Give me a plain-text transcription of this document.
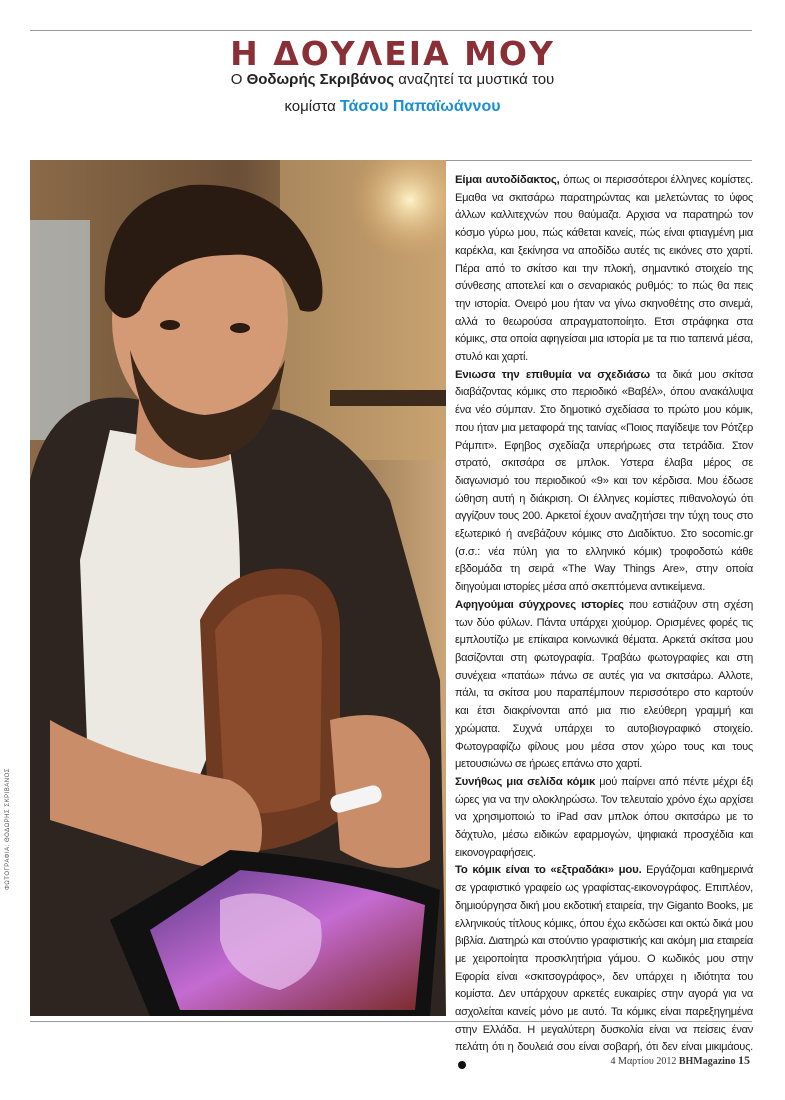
Η ΔΟΥΛΕΙΑ ΜΟΥ
Ο Θοδωρής Σκριβάνος αναζητεί τα μυστικά του
κομίστα Τάσου Παπαϊωάννου
ΦΩΤΟΓΡΑΦΙΑ: ΘΟΔΩΡΗΣ ΣΚΡΙΒΑΝΟΣ

Είμαι αυτοδίδακτος, όπως οι περισσότεροι έλληνες κομίστες. Εμαθα να σκιτσάρω παρατηρώντας και μελετώντας το ύφος άλλων καλλιτεχνών που θαύμαζα. Αρχισα να παρατηρώ τον κόσμο γύρω μου, πώς κάθεται κανείς, πώς είναι φτιαγμένη μια καρέκλα, και ξεκίνησα να αποδίδω αυτές τις εικόνες στο χαρτί. Πέρα από το σκίτσο και την πλοκή, σημαντικό στοιχείο της σύνθεσης αποτελεί και ο σεναριακός ρυθμός: το πώς θα πεις την ιστορία. Ονειρό μου ήταν να γίνω σκηνοθέτης στο σινεμά, αλλά το θεωρούσα απραγματοποίητο. Ετσι στράφηκα στα κόμικς, στα οποία αφηγείσαι μια ιστορία με τα πιο ταπεινά μέσα, στυλό και χαρτί.

Ενιωσα την επιθυμία να σχεδιάσω τα δικά μου σκίτσα διαβάζοντας κόμικς στο περιοδικό «Βαβέλ», όπου ανακάλυψα ένα νέο σύμπαν. Στο δημοτικό σχεδίασα το πρώτο μου κόμικ, που ήταν μια μεταφορά της ταινίας «Ποιος παγίδεψε τον Ρότζερ Ράμπιτ». Εφηβος σχεδίαζα υπερήρωες στα τετράδια. Στον στρατό, σκιτσάρα σε μπλοκ. Υστερα έλαβα μέρος σε διαγωνισμό του περιοδικού «9» και τον κέρδισα. Μου έδωσε ώθηση αυτή η διάκριση. Οι έλληνες κομίστες πιθανολογώ ότι αγγίζουν τους 200. Αρκετοί έχουν αναζητήσει την τύχη τους στο εξωτερικό ή ανεβάζουν κόμικς στο Διαδίκτυο. Στο socomic.gr (σ.σ.: νέα πύλη για το ελληνικό κόμικ) τροφοδοτώ κάθε εβδομάδα τη σειρά «The Way Things Are», στην οποία διηγούμαι ιστορίες μέσα από σκεπτόμενα αντικείμενα.

Αφηγούμαι σύγχρονες ιστορίες που εστιάζουν στη σχέση των δύο φύλων. Πάντα υπάρχει χιούμορ. Ορισμένες φορές τις εμπλουτίζω με επίκαιρα κοινωνικά θέματα. Αρκετά σκίτσα μου βασίζονται στη φωτογραφία. Τραβάω φωτογραφίες και στη συνέχεια «πατάω» πάνω σε αυτές για να σκιτσάρω. Αλλοτε, πάλι, τα σκίτσα μου παραπέμπουν περισσότερο στο καρτούν και έτσι διακρίνονται από μια πιο ελεύθερη γραμμή και χρώματα. Συχνά υπάρχει το αυτοβιογραφικό στοιχείο. Φωτογραφίζω φίλους μου μέσα στον χώρο τους και τους μετουσιώνω σε ήρωες επάνω στο χαρτί.

Συνήθως μια σελίδα κόμικ μού παίρνει από πέντε μέχρι έξι ώρες για να την ολοκληρώσω. Τον τελευταίο χρόνο έχω αρχίσει να χρησιμοποιώ το iPad σαν μπλοκ όπου σκιτσάρω με το δάχτυλο, μέσω ειδικών εφαρμογών, ψηφιακά προσχέδια και εικονογραφήσεις.

Το κόμικ είναι το «εξτραδάκι» μου. Εργάζομαι καθημερινά σε γραφιστικό γραφείο ως γραφίστας-εικονογράφος. Επιπλέον, δημιούργησα δική μου εκδοτική εταιρεία, την Giganto Books, με ελληνικούς τίτλους κόμικς, όπου έχω εκδώσει και οκτώ δικά μου βιβλία. Διατηρώ και στούντιο γραφιστικής και ακόμη μια εταιρεία με χειροποίητα προσκλητήρια γάμου. Ο κωδικός μου στην Εφορία είναι «σκιτσογράφος», δεν υπάρχει η ιδιότητα του κομίστα. Δεν υπάρχουν αρκετές ευκαιρίες στην αγορά για να ασχολείται κανείς μόνο με αυτό. Τα κόμικς είναι παρεξηγημένα στην Ελλάδα. Η μεγαλύτερη δυσκολία είναι να πείσεις έναν πελάτη ότι η δουλειά σου είναι σοβαρή, ότι δεν είναι μικιμάους.

4 Μαρτίου 2012 BHMagazino 15
